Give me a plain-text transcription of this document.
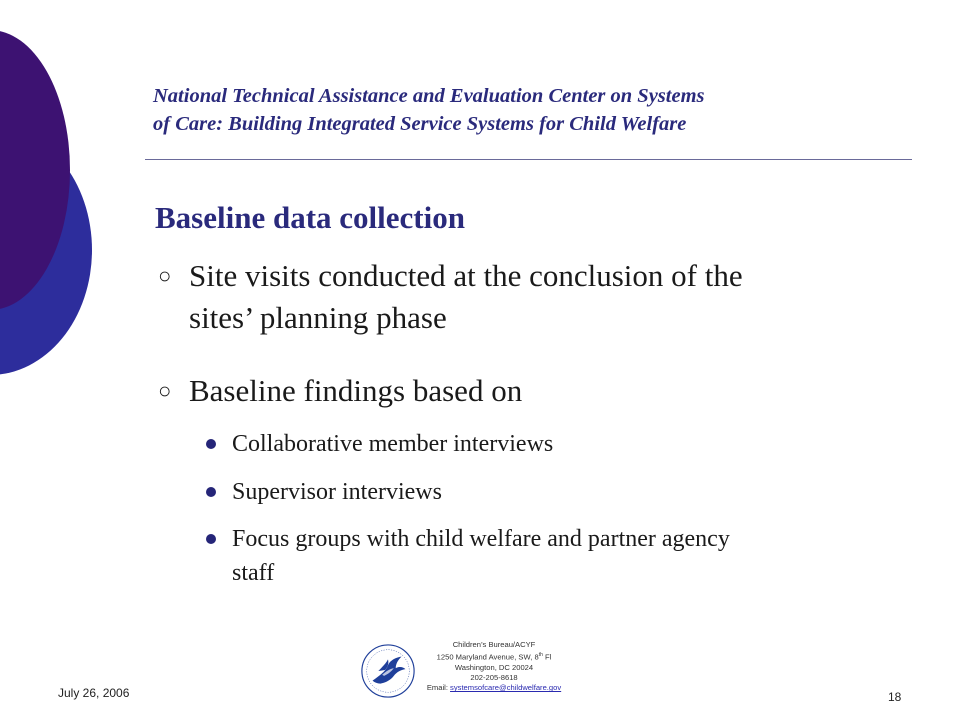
National Technical Assistance and Evaluation Center on Systems
of Care: Building Integrated Service Systems for Child Welfare
Baseline data collection
○ Site visits conducted at the conclusion of the
sites’ planning phase
○ Baseline findings based on
Collaborative member interviews
Supervisor interviews
Focus groups with child welfare and partner agency
staff
July 26, 2006	18
Children’s Bureau/ACYF
1250 Maryland Avenue, SW, 8th Fl
Washington, DC 20024
202-205-8618
Email: systemsofcare@childwelfare.gov
